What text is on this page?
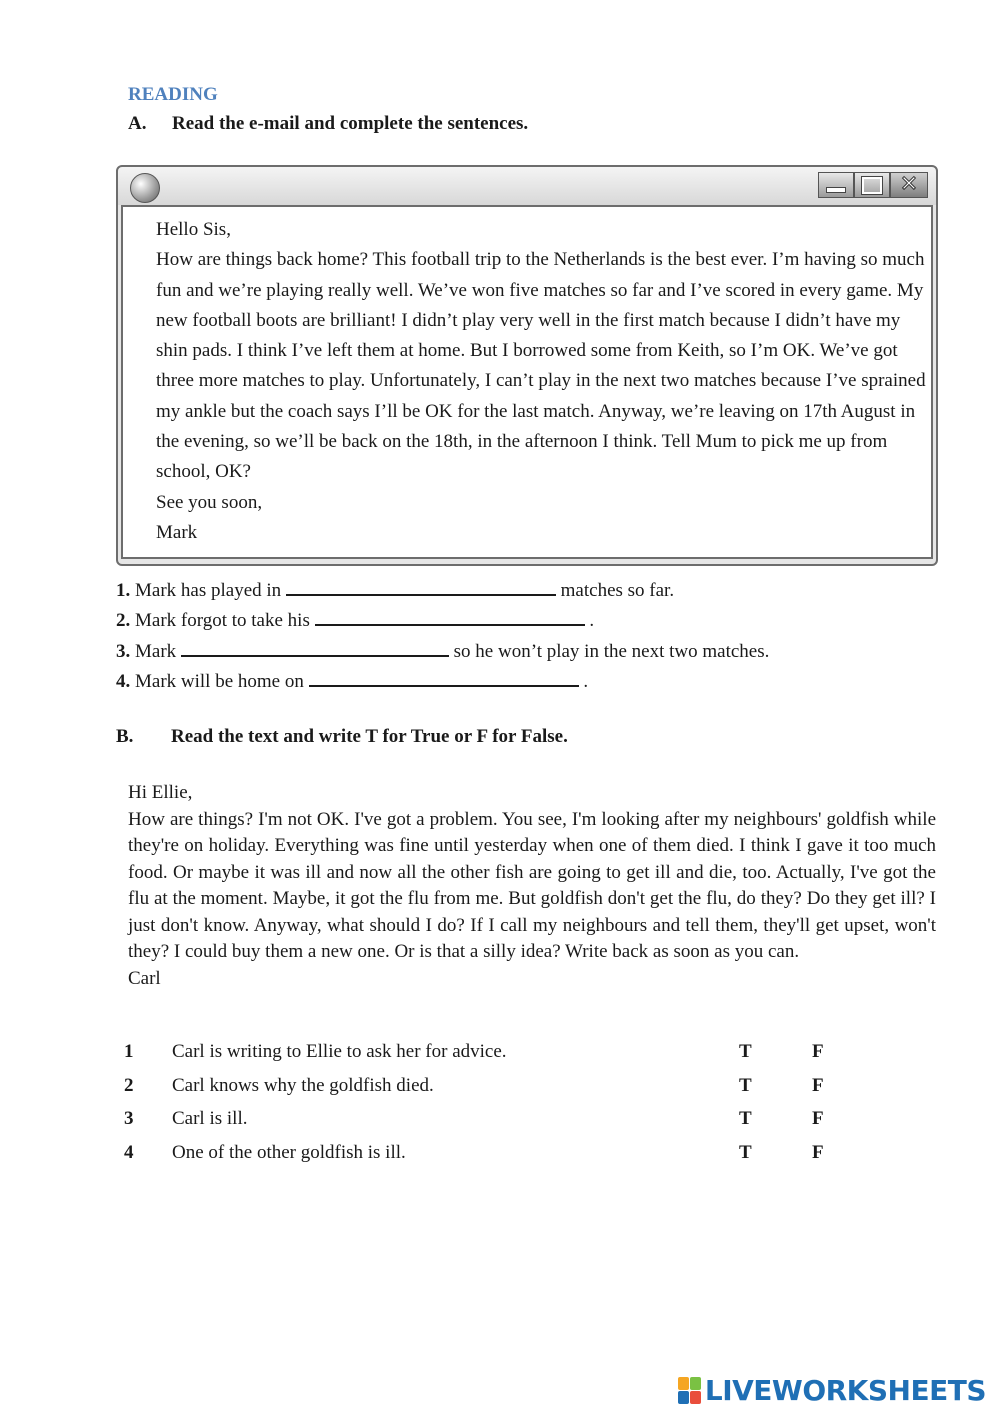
READING
A. Read the e-mail and complete the sentences.
✕

Hello Sis,

How are things back home? This football trip to the Netherlands is the best ever. I’m having so much fun and we’re playing really well. We’ve won five matches so far and I’ve scored in every game. My new football boots are brilliant! I didn’t play very well in the first match because I didn’t have my shin pads. I think I’ve left them at home. But I borrowed some from Keith, so I’m OK. We’ve got three more matches to play. Unfortunately, I can’t play in the next two matches because I’ve sprained my ankle but the coach says I’ll be OK for the last match. Anyway, we’re leaving on 17th August in the evening, so we’ll be back on the 18th, in the afternoon I think. Tell Mum to pick me up from school, OK?

See you soon,

Mark

1. Mark has played in	matches so far.
2. Mark forgot to take his	.
3. Mark	so he won’t play in the next two matches.
4. Mark will be home on	.
B. Read the text and write T for True or F for False.

Hi Ellie,

How are things? I'm not OK. I've got a problem. You see, I'm looking after my neighbours' goldfish while they're on holiday. Everything was fine until yesterday when one of them died. I think I gave it too much food. Or maybe it was ill and now all the other fish are going to get ill and die, too. Actually, I've got the flu at the moment. Maybe, it got the flu from me. But goldfish don't get the flu, do they? Do they get ill? I just don't know. Anyway, what should I do? If I call my neighbours and tell them, they'll get upset, won't they? I could buy them a new one. Or is that a silly idea? Write back as soon as you can.

Carl

1 Carl is writing to Ellie to ask her for advice.	T	F
2 Carl knows why the goldfish died.	T	F
3 Carl is ill.	T	F
4 One of the other goldfish is ill.	T	F
LIVEWORKSHEETS
